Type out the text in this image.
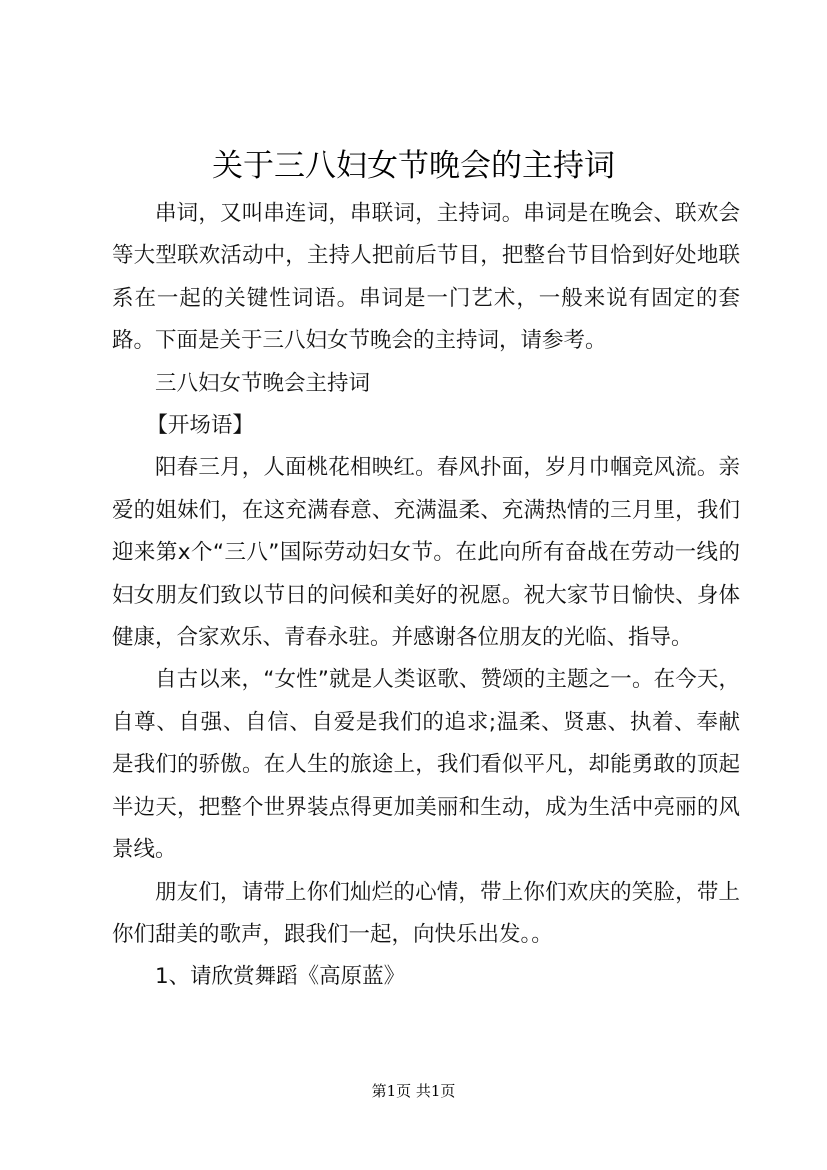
关于三八妇女节晚会的主持词

串词，又叫串连词，串联词，主持词。串词是在晚会、联欢会等大型联欢活动中，主持人把前后节目，把整台节目恰到好处地联系在一起的关键性词语。串词是一门艺术，一般来说有固定的套路。下面是关于三八妇女节晚会的主持词，请参考。

三八妇女节晚会主持词

【开场语】

阳春三月，人面桃花相映红。春风扑面，岁月巾帼竞风流。亲爱的姐妹们，在这充满春意、充满温柔、充满热情的三月里，我们迎来第x个“三八”国际劳动妇女节。在此向所有奋战在劳动一线的妇女朋友们致以节日的问候和美好的祝愿。祝大家节日愉快、身体健康，合家欢乐、青春永驻。并感谢各位朋友的光临、指导。

自古以来，“女性”就是人类讴歌、赞颂的主题之一。在今天，自尊、自强、自信、自爱是我们的追求;温柔、贤惠、执着、奉献是我们的骄傲。在人生的旅途上，我们看似平凡，却能勇敢的顶起半边天，把整个世界装点得更加美丽和生动，成为生活中亮丽的风景线。

朋友们，请带上你们灿烂的心情，带上你们欢庆的笑脸，带上你们甜美的歌声，跟我们一起，向快乐出发。。

1、请欣赏舞蹈《高原蓝》

第1页 共1页
